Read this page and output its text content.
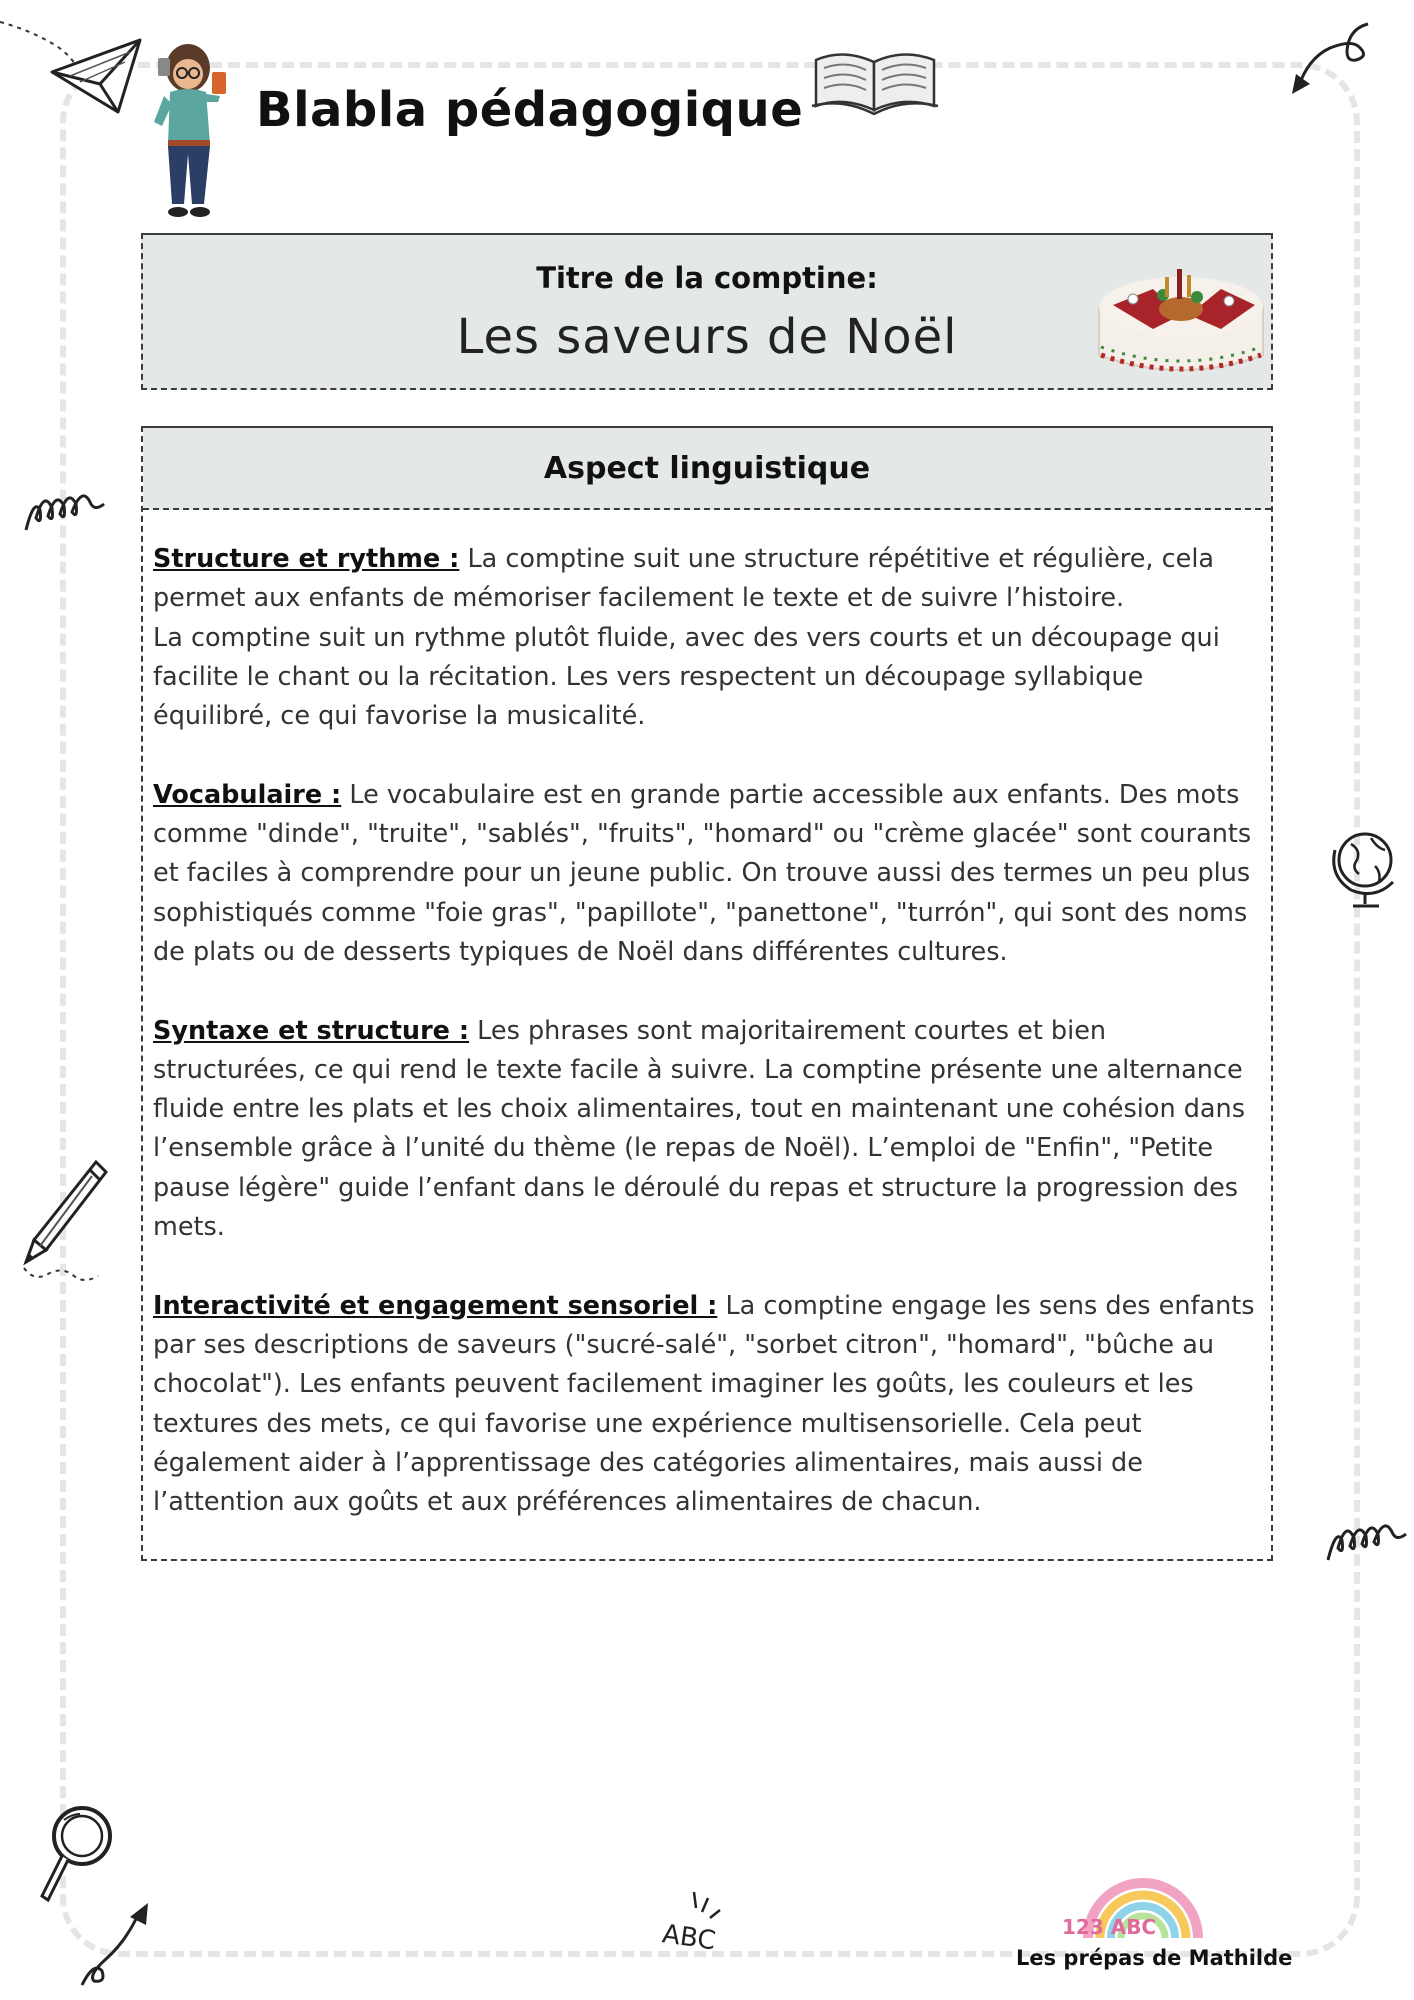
Blabla pédagogique
Titre de la comptine:
Les saveurs de Noël
Aspect linguistique

Structure et rythme : La comptine suit une structure répétitive et régulière, cela permet aux enfants de mémoriser facilement le texte et de suivre l’histoire.
La comptine suit un rythme plutôt fluide, avec des vers courts et un découpage qui facilite le chant ou la récitation. Les vers respectent un découpage syllabique équilibré, ce qui favorise la musicalité.

Vocabulaire : Le vocabulaire est en grande partie accessible aux enfants. Des mots comme "dinde", "truite", "sablés", "fruits", "homard" ou "crème glacée" sont courants et faciles à comprendre pour un jeune public. On trouve aussi des termes un peu plus sophistiqués comme "foie gras", "papillote", "panettone", "turrón", qui sont des noms de plats ou de desserts typiques de Noël dans différentes cultures.

Syntaxe et structure : Les phrases sont majoritairement courtes et bien structurées, ce qui rend le texte facile à suivre. La comptine présente une alternance fluide entre les plats et les choix alimentaires, tout en maintenant une cohésion dans l’ensemble grâce à l’unité du thème (le repas de Noël). L’emploi de "Enfin", "Petite pause légère" guide l’enfant dans le déroulé du repas et structure la progression des mets.

Interactivité et engagement sensoriel : La comptine engage les sens des enfants par ses descriptions de saveurs ("sucré-salé", "sorbet citron", "homard", "bûche au chocolat"). Les enfants peuvent facilement imaginer les goûts, les couleurs et les textures des mets, ce qui favorise une expérience multisensorielle. Cela peut également aider à l’apprentissage des catégories alimentaires, mais aussi de l’attention aux goûts et aux préférences alimentaires de chacun.

ABC	123 ABC
Les prépas de Mathilde
